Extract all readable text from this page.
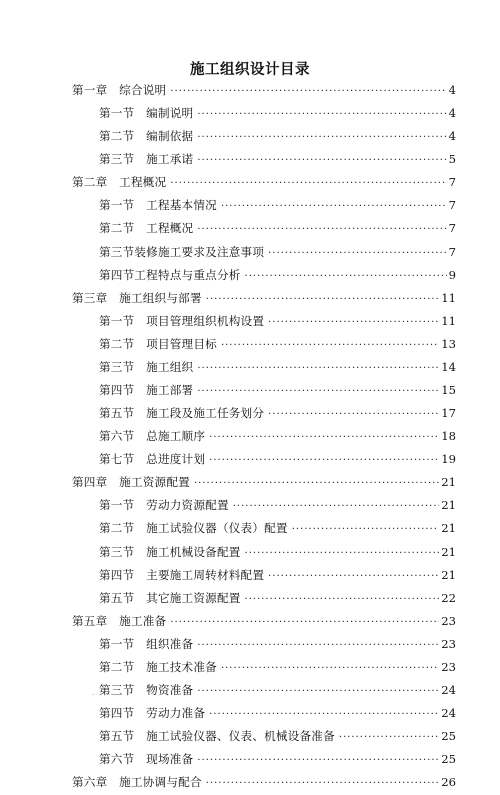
施工组织设计目录
第一章　综合说明 ·····	4
第一节　编制说明 ·····	4
第二节　编制依据 ·····	4
第三节　施工承诺 ·····	5
第二章　工程概况 ·····	7
第一节　工程基本情况 ·····	7
第二节　工程概况 ·····	7
第三节装修施工要求及注意事项 ·····	7
第四节工程特点与重点分析 ·····	9
第三章　施工组织与部署 ·····	11
第一节　项目管理组织机构设置 ·····	11
第二节　项目管理目标 ·····	13
第三节　施工组织 ·····	14
第四节　施工部署 ·····	15
第五节　施工段及施工任务划分 ·····	17
第六节　总施工顺序 ·····	18
第七节　总进度计划 ·····	19
第四章　施工资源配置 ·····	21
第一节　劳动力资源配置 ·····	21
第二节　施工试验仪器（仪表）配置 ·····	21
第三节　施工机械设备配置 ·····	21
第四节　主要施工周转材料配置 ·····	21
第五节　其它施工资源配置 ·····	22
第五章　施工准备 ·····	23
第一节　组织准备 ·····	23
第二节　施工技术准备 ·····	23
第三节　物资准备 ·····	24
第四节　劳动力准备 ·····	24
第五节　施工试验仪器、仪表、机械设备准备 ·····	25
第六节　现场准备 ·····	25
第六章　施工协调与配合 ·····	26
.
